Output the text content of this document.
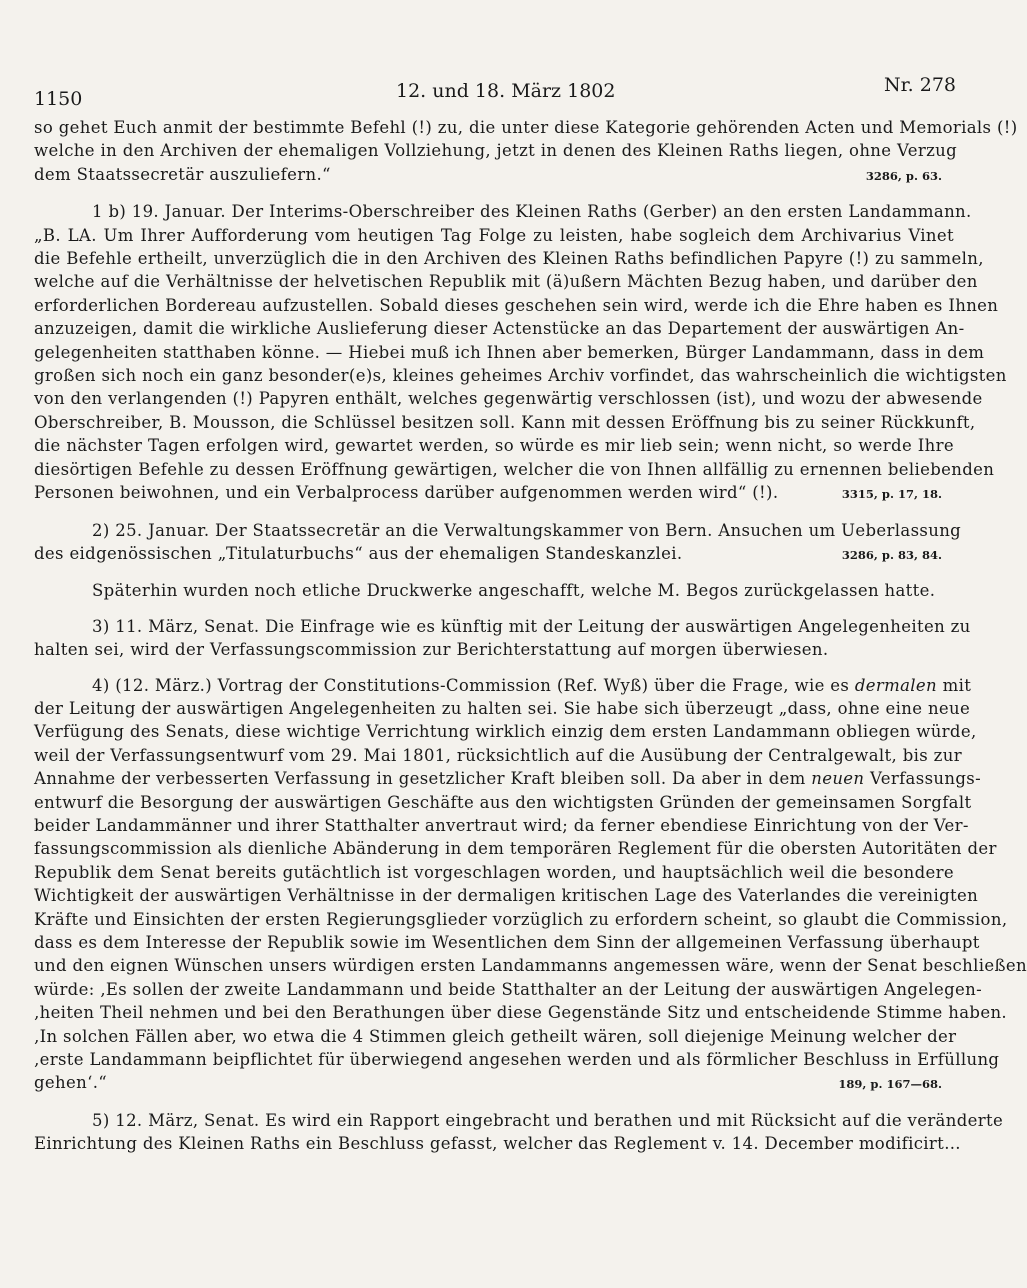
1150	12. und 18. März 1802	Nr. 278

so gehet Euch anmit der bestimmte Befehl (!) zu, die unter diese Kategorie gehörenden Acten und Memorials (!)
welche in den Archiven der ehemaligen Vollziehung, jetzt in denen des Kleinen Raths liegen, ohne Verzug
dem Staatssecretär auszuliefern.“	3286, p. 63.

1 b) 19. Januar. Der Interims-Oberschreiber des Kleinen Raths (Gerber) an den ersten Landammann.
„B. LA. Um Ihrer Aufforderung vom heutigen Tag Folge zu leisten, habe sogleich dem Archivarius Vinet
die Befehle ertheilt, unverzüglich die in den Archiven des Kleinen Raths befindlichen Papyre (!) zu sammeln,
welche auf die Verhältnisse der helvetischen Republik mit (ä)ußern Mächten Bezug haben, und darüber den
erforderlichen Bordereau aufzustellen. Sobald dieses geschehen sein wird, werde ich die Ehre haben es Ihnen
anzuzeigen, damit die wirkliche Auslieferung dieser Actenstücke an das Departement der auswärtigen An-
gelegenheiten statthaben könne. — Hiebei muß ich Ihnen aber bemerken, Bürger Landammann, dass in dem
großen sich noch ein ganz besonder(e)s, kleines geheimes Archiv vorfindet, das wahrscheinlich die wichtigsten
von den verlangenden (!) Papyren enthält, welches gegenwärtig verschlossen (ist), und wozu der abwesende
Oberschreiber, B. Mousson, die Schlüssel besitzen soll. Kann mit dessen Eröffnung bis zu seiner Rückkunft,
die nächster Tagen erfolgen wird, gewartet werden, so würde es mir lieb sein; wenn nicht, so werde Ihre
diesörtigen Befehle zu dessen Eröffnung gewärtigen, welcher die von Ihnen allfällig zu ernennen beliebenden
Personen beiwohnen, und ein Verbalprocess darüber aufgenommen werden wird“ (!).	3315, p. 17, 18.

2) 25. Januar. Der Staatssecretär an die Verwaltungskammer von Bern. Ansuchen um Ueberlassung
des eidgenössischen „Titulaturbuchs“ aus der ehemaligen Standeskanzlei.	3286, p. 83, 84.

Späterhin wurden noch etliche Druckwerke angeschafft, welche M. Begos zurückgelassen hatte.

3) 11. März, Senat. Die Einfrage wie es künftig mit der Leitung der auswärtigen Angelegenheiten zu
halten sei, wird der Verfassungscommission zur Berichterstattung auf morgen überwiesen.

4) (12. März.) Vortrag der Constitutions-Commission (Ref. Wyß) über die Frage, wie es dermalen mit
der Leitung der auswärtigen Angelegenheiten zu halten sei. Sie habe sich überzeugt „dass, ohne eine neue
Verfügung des Senats, diese wichtige Verrichtung wirklich einzig dem ersten Landammann obliegen würde,
weil der Verfassungsentwurf vom 29. Mai 1801, rücksichtlich auf die Ausübung der Centralgewalt, bis zur
Annahme der verbesserten Verfassung in gesetzlicher Kraft bleiben soll. Da aber in dem neuen Verfassungs-
entwurf die Besorgung der auswärtigen Geschäfte aus den wichtigsten Gründen der gemeinsamen Sorgfalt
beider Landammänner und ihrer Statthalter anvertraut wird; da ferner ebendiese Einrichtung von der Ver-
fassungscommission als dienliche Abänderung in dem temporären Reglement für die obersten Autoritäten der
Republik dem Senat bereits gutächtlich ist vorgeschlagen worden, und hauptsächlich weil die besondere
Wichtigkeit der auswärtigen Verhältnisse in der dermaligen kritischen Lage des Vaterlandes die vereinigten
Kräfte und Einsichten der ersten Regierungsglieder vorzüglich zu erfordern scheint, so glaubt die Commission,
dass es dem Interesse der Republik sowie im Wesentlichen dem Sinn der allgemeinen Verfassung überhaupt
und den eignen Wünschen unsers würdigen ersten Landammanns angemessen wäre, wenn der Senat beschließen
würde: ‚Es sollen der zweite Landammann und beide Statthalter an der Leitung der auswärtigen Angelegen-
‚heiten Theil nehmen und bei den Berathungen über diese Gegenstände Sitz und entscheidende Stimme haben.
‚In solchen Fällen aber, wo etwa die 4 Stimmen gleich getheilt wären, soll diejenige Meinung welcher der
‚erste Landammann beipflichtet für überwiegend angesehen werden und als förmlicher Beschluss in Erfüllung
gehen‘.“	189, p. 167—68.

5) 12. März, Senat. Es wird ein Rapport eingebracht und berathen und mit Rücksicht auf die veränderte
Einrichtung des Kleinen Raths ein Beschluss gefasst, welcher das Reglement v. 14. December modificirt…
